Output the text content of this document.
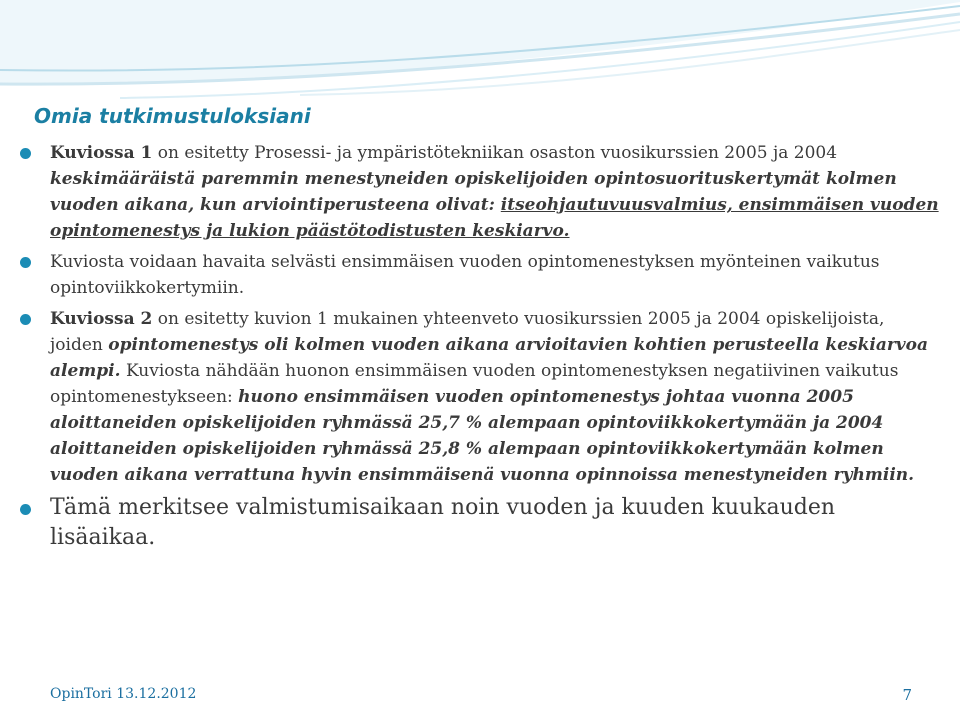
Omia tutkimustuloksiani
Kuviossa 1 on esitetty Prosessi- ja ympäristötekniikan osaston vuosikurssien 2005 ja 2004 keskimääräistä paremmin menestyneiden opiskelijoiden opintosuorituskertymät kolmen vuoden aikana, kun arviointiperusteena olivat: itseohjautuvuusvalmius, ensimmäisen vuoden opintomenestys ja lukion päästötodistusten keskiarvo.
Kuviosta voidaan havaita selvästi ensimmäisen vuoden opintomenestyksen myönteinen vaikutus opintoviikkokertymiin.
Kuviossa 2 on esitetty kuvion 1 mukainen yhteenveto vuosikurssien 2005 ja 2004 opiskelijoista, joiden opintomenestys oli kolmen vuoden aikana arvioitavien kohtien perusteella keskiarvoa alempi. Kuviosta nähdään huonon ensimmäisen vuoden opintomenestyksen negatiivinen vaikutus opintomenestykseen: huono ensimmäisen vuoden opintomenestys johtaa vuonna 2005 aloittaneiden opiskelijoiden ryhmässä 25,7 % alempaan opintoviikkokertymään ja 2004 aloittaneiden opiskelijoiden ryhmässä 25,8 % alempaan opintoviikkokertymään kolmen vuoden aikana verrattuna hyvin ensimmäisenä vuonna opinnoissa menestyneiden ryhmiin.
Tämä merkitsee valmistumisaikaan noin vuoden ja kuuden kuukauden lisäaikaa.
OpinTori 13.12.2012	7
